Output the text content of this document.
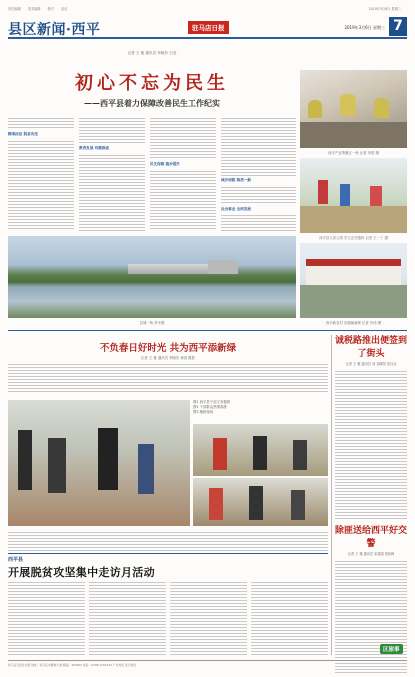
责任编辑 美术编辑 校对 电话	2019年3月6日 星期三
县区新闻·西平	驻马店日报	2019年3月6日 星期三 7
记者 王 雅 通讯员 李晓东 石莹
初心不忘为民生
——西平县着力保障改善民生工作纪实
精准扶贫 脱贫攻坚
教育发展 均衡推进
民生保障 稳步提升
城乡面貌 焕然一新
社会事业 全面发展
县城一角 李丰摄
西平产业集聚区一角 记者 李国 摄
西平县人民公园 学生正在嬉戏 记者 王一丁 摄
西平新农村 旧貌换新颜 记者 肖伟 摄
不负春日好时光 共为西平添新绿
记者 王 雅 通讯员 李晓东 徐春 摄影
图1 西平县干部义务植树
图2 干部群众热情高涨
图3 植树现场
诚税路推出便签到了街头
记者 王 雅 通讯员 刘 刘晓阳 刘兵兵
除匪送给西平好交警
记者 王 雅 通讯员 宋超超 梁如梅
西平县
开展脱贫攻坚集中走访月活动
区旅事
驻马店日报社出版 地址：驻马店市解放大道 邮编：463000 电话：0396-2701234 广告热线 发行热线
